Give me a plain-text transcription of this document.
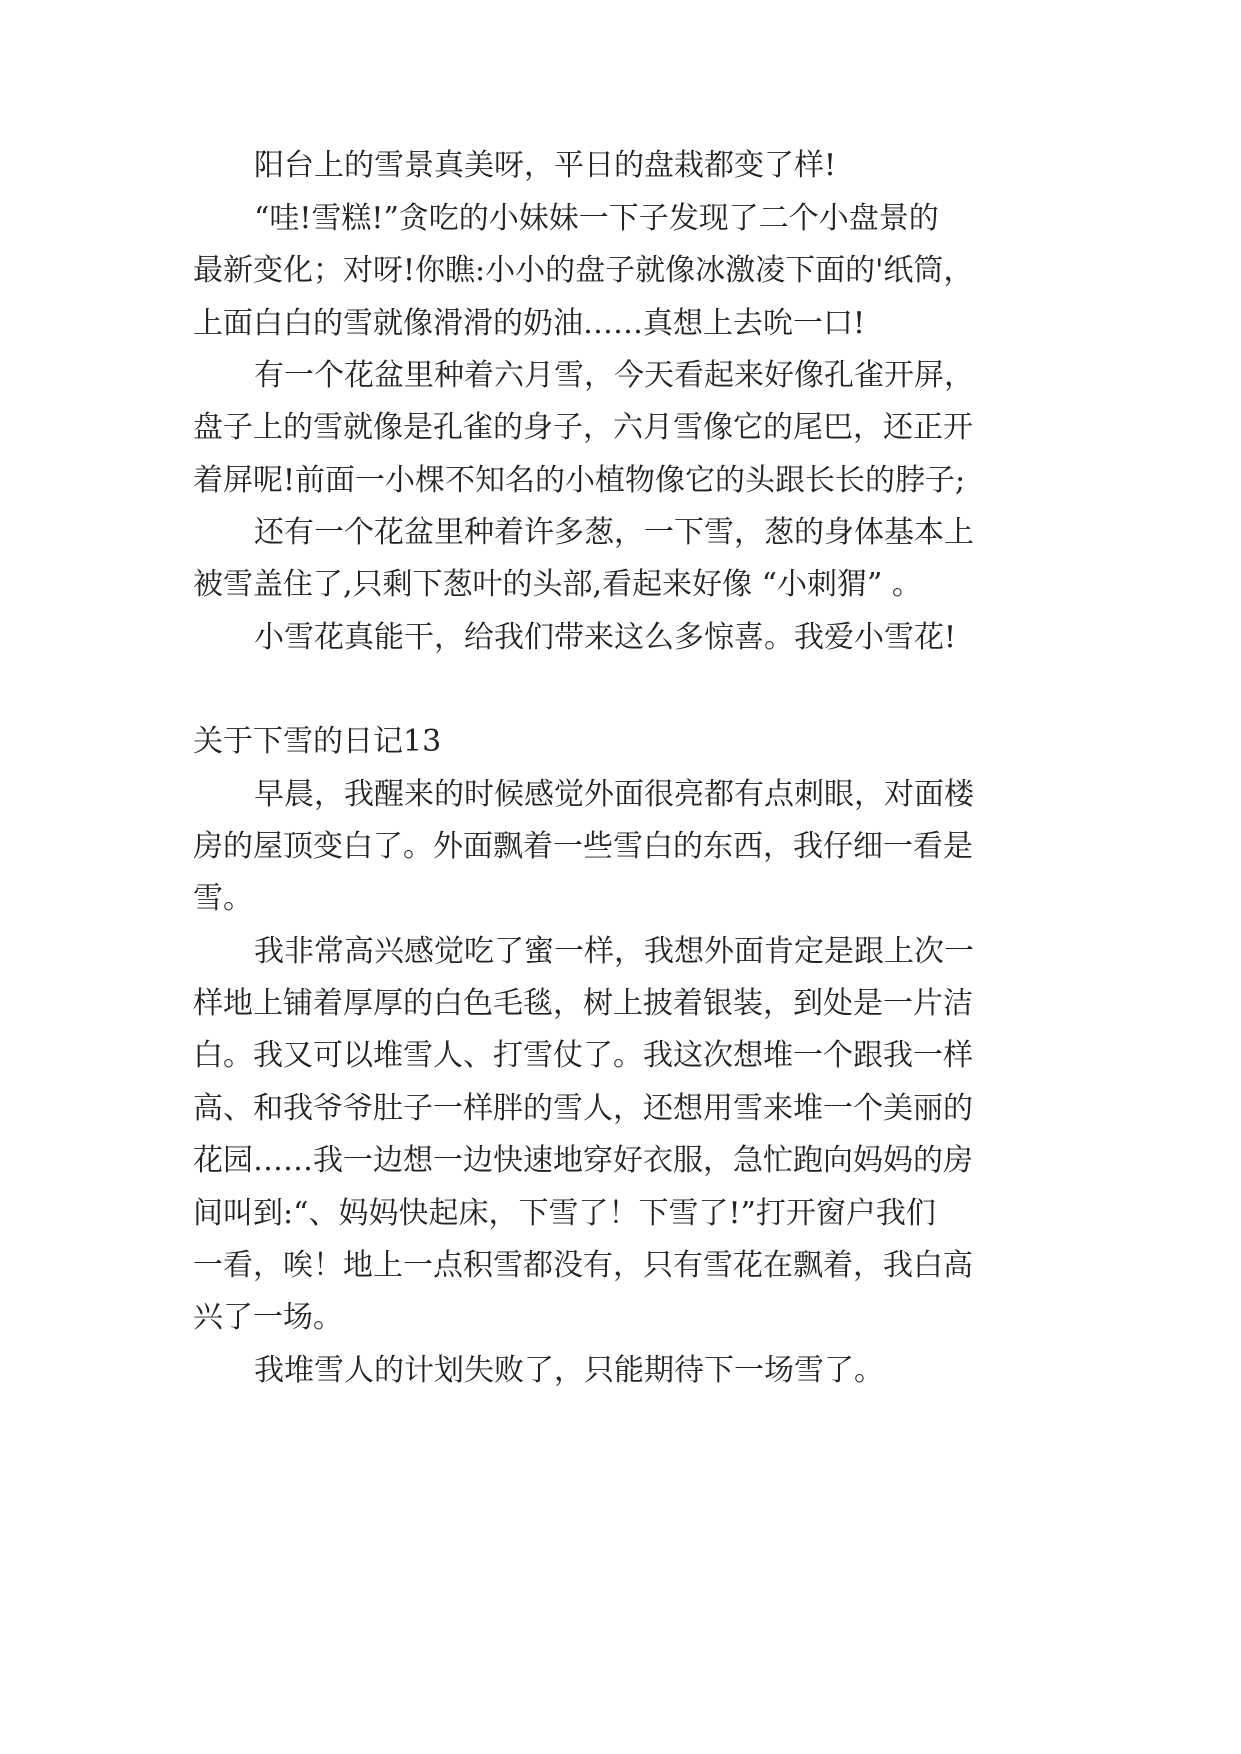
阳台上的雪景真美呀，平日的盘栽都变了样!
“哇!雪糕!”贪吃的小妹妹一下子发现了二个小盘景的
最新变化；对呀!你瞧:小小的盘子就像冰激凌下面的'纸筒，
上面白白的雪就像滑滑的奶油……真想上去吮一口!
有一个花盆里种着六月雪，今天看起来好像孔雀开屏，
盘子上的雪就像是孔雀的身子，六月雪像它的尾巴，还正开
着屏呢!前面一小棵不知名的小植物像它的头跟长长的脖子;
还有一个花盆里种着许多葱，一下雪，葱的身体基本上
被雪盖住了,只剩下葱叶的头部,看起来好像 “小刺猬” 。
小雪花真能干，给我们带来这么多惊喜。我爱小雪花!
关于下雪的日记13
早晨，我醒来的时候感觉外面很亮都有点刺眼，对面楼
房的屋顶变白了。外面飘着一些雪白的东西，我仔细一看是
雪。
我非常高兴感觉吃了蜜一样，我想外面肯定是跟上次一
样地上铺着厚厚的白色毛毯，树上披着银装，到处是一片洁
白。我又可以堆雪人、打雪仗了。我这次想堆一个跟我一样
高、和我爷爷肚子一样胖的雪人，还想用雪来堆一个美丽的
花园……我一边想一边快速地穿好衣服，急忙跑向妈妈的房
间叫到:“、妈妈快起床，下雪了！下雪了!”打开窗户我们
一看，唉！地上一点积雪都没有，只有雪花在飘着，我白高
兴了一场。
我堆雪人的计划失败了，只能期待下一场雪了。
